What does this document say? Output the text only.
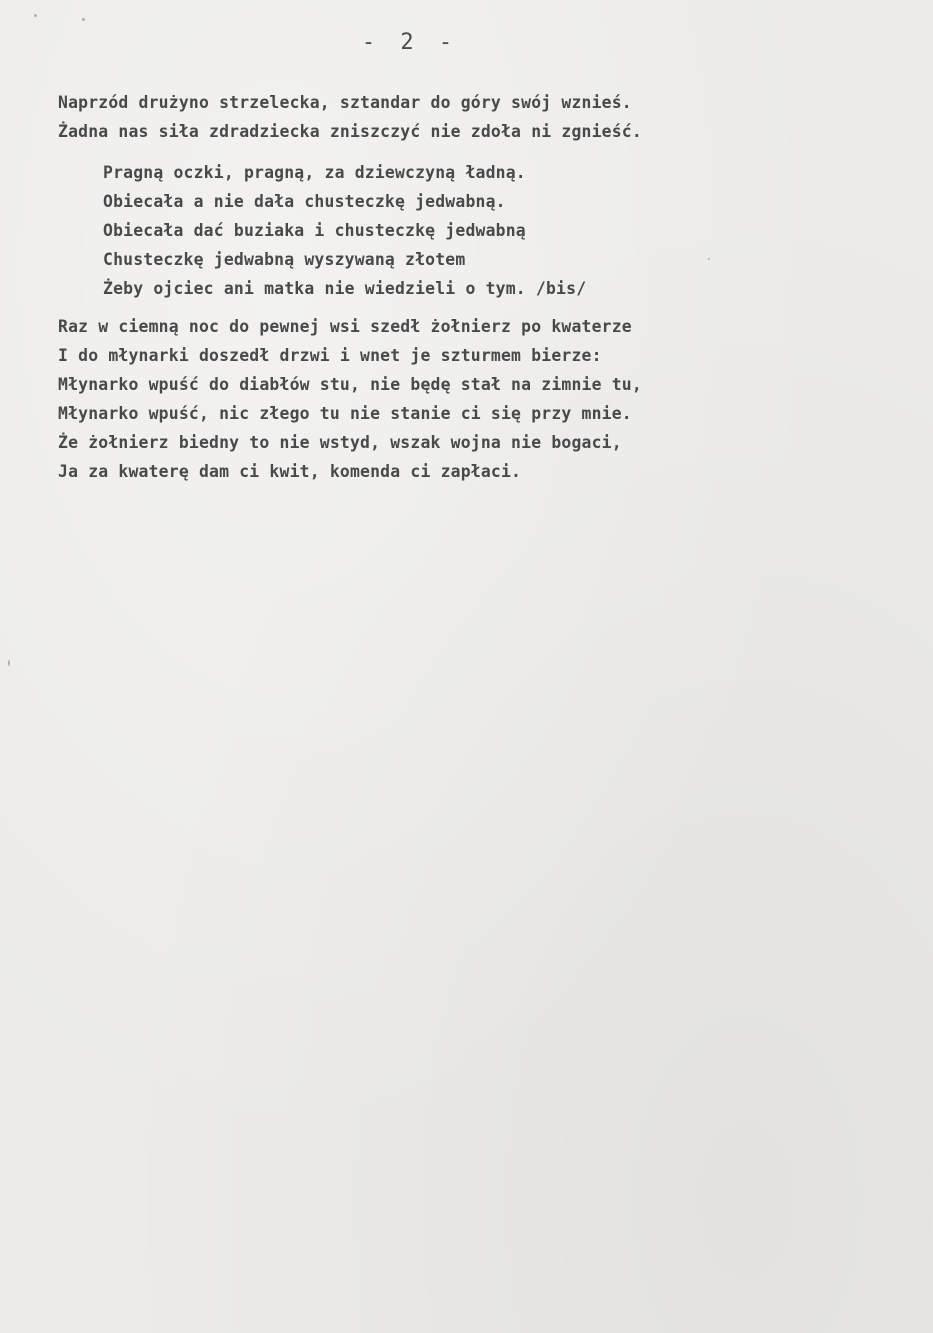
- 2 -
Naprzód drużyno strzelecka, sztandar do góry swój wznieś.
Żadna nas siła zdradziecka zniszczyć nie zdoła ni zgnieść.
Pragną oczki, pragną, za dziewczyną ładną.
Obiecała a nie dała chusteczkę jedwabną.
Obiecała dać buziaka i chusteczkę jedwabną
Chusteczkę jedwabną wyszywaną złotem
Żeby ojciec ani matka nie wiedzieli o tym. /bis/
Raz w ciemną noc do pewnej wsi szedł żołnierz po kwaterze
I do młynarki doszedł drzwi i wnet je szturmem bierze:
Młynarko wpuść do diabłów stu, nie będę stał na zimnie tu,
Młynarko wpuść, nic złego tu nie stanie ci się przy mnie.
Że żołnierz biedny to nie wstyd, wszak wojna nie bogaci,
Ja za kwaterę dam ci kwit, komenda ci zapłaci.
